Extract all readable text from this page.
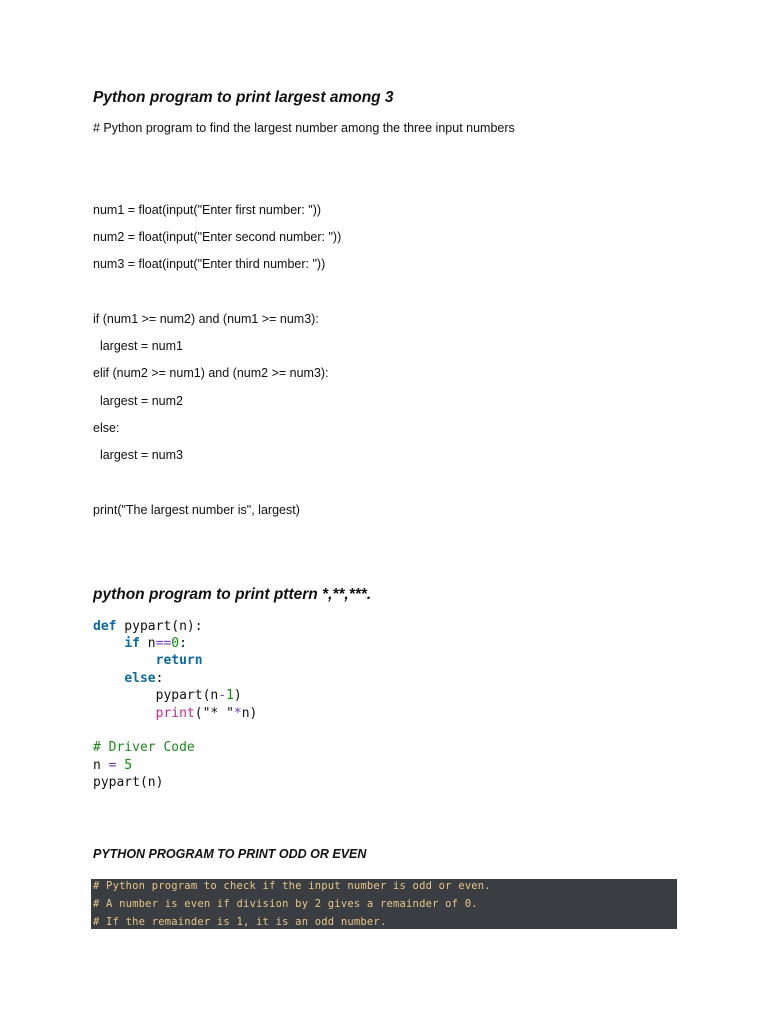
Python program to print largest among 3
# Python program to find the largest number among the three input numbers
num1 = float(input("Enter first number: "))
num2 = float(input("Enter second number: "))
num3 = float(input("Enter third number: "))
if (num1 >= num2) and (num1 >= num3):
largest = num1
elif (num2 >= num1) and (num2 >= num3):
largest = num2
else:
largest = num3
print("The largest number is", largest)
python program to print pttern *,**,***.
def pypart(n):
if n==0:
return
else:
pypart(n-1)
print("* "*n)
# Driver Code
n = 5
pypart(n)
PYTHON PROGRAM TO PRINT ODD OR EVEN
# Python program to check if the input number is odd or even.
# A number is even if division by 2 gives a remainder of 0.
# If the remainder is 1, it is an odd number.
